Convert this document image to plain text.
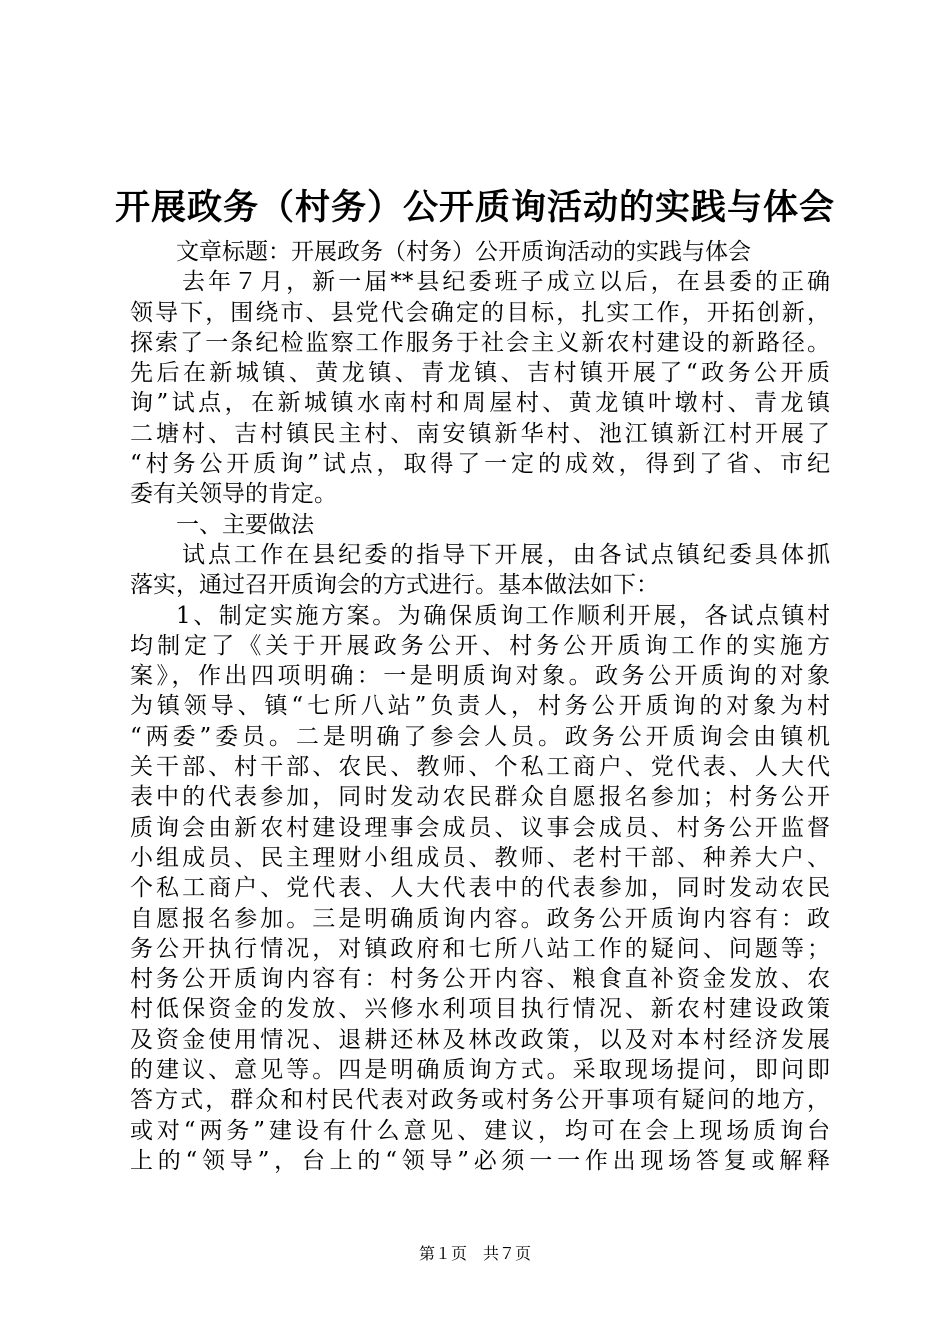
开展政务（村务）公开质询活动的实践与体会
文章标题：开展政务（村务）公开质询活动的实践与体会
去年７月，新一届**县纪委班子成立以后，在县委的正确
领导下，围绕市、县党代会确定的目标，扎实工作，开拓创新，
探索了一条纪检监察工作服务于社会主义新农村建设的新路径。
先后在新城镇、黄龙镇、青龙镇、吉村镇开展了“政务公开质
询”试点，在新城镇水南村和周屋村、黄龙镇叶墩村、青龙镇
二塘村、吉村镇民主村、南安镇新华村、池江镇新江村开展了
“村务公开质询”试点，取得了一定的成效，得到了省、市纪
委有关领导的肯定。
一、主要做法
试点工作在县纪委的指导下开展，由各试点镇纪委具体抓
落实，通过召开质询会的方式进行。基本做法如下：
1、制定实施方案。为确保质询工作顺利开展，各试点镇村
均制定了《关于开展政务公开、村务公开质询工作的实施方
案》，作出四项明确：一是明质询对象。政务公开质询的对象
为镇领导、镇“七所八站”负责人，村务公开质询的对象为村
“两委”委员。二是明确了参会人员。政务公开质询会由镇机
关干部、村干部、农民、教师、个私工商户、党代表、人大代
表中的代表参加，同时发动农民群众自愿报名参加；村务公开
质询会由新农村建设理事会成员、议事会成员、村务公开监督
小组成员、民主理财小组成员、教师、老村干部、种养大户、
个私工商户、党代表、人大代表中的代表参加，同时发动农民
自愿报名参加。三是明确质询内容。政务公开质询内容有：政
务公开执行情况，对镇政府和七所八站工作的疑问、问题等；
村务公开质询内容有：村务公开内容、粮食直补资金发放、农
村低保资金的发放、兴修水利项目执行情况、新农村建设政策
及资金使用情况、退耕还林及林改政策，以及对本村经济发展
的建议、意见等。四是明确质询方式。采取现场提问，即问即
答方式，群众和村民代表对政务或村务公开事项有疑问的地方，
或对“两务”建设有什么意见、建议，均可在会上现场质询台
上的“领导”，台上的“领导”必须一一作出现场答复或解释
第１页　共７页
